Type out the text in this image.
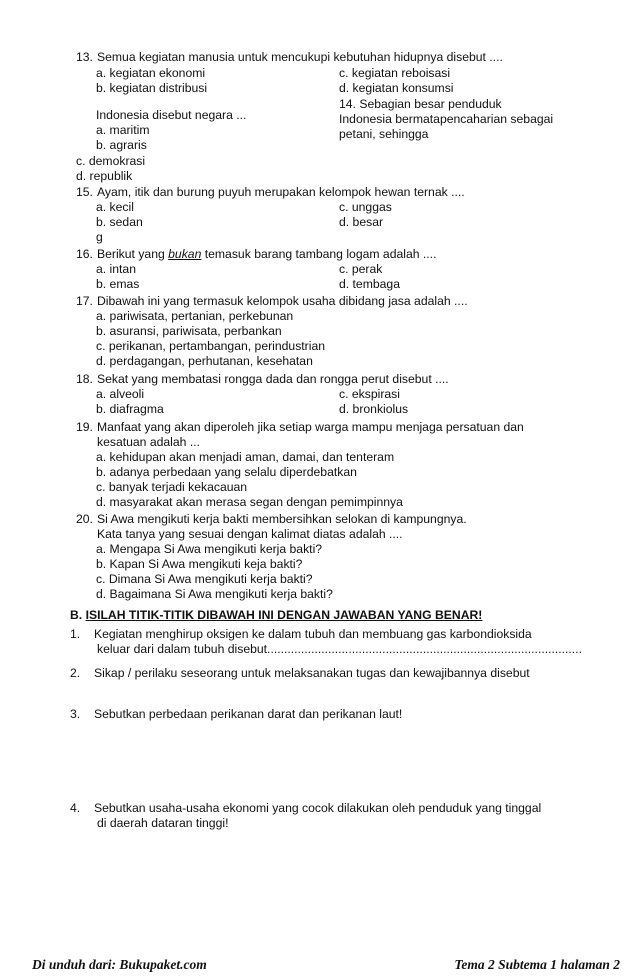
13. Semua kegiatan manusia untuk mencukupi kebutuhan hidupnya disebut ....
a. kegiatan ekonomi
b. kegiatan distribusi
c. kegiatan reboisasi
d. kegiatan konsumsi
Indonesia disebut negara ...
a. maritim
b. agraris
c. demokrasi
d. republik
14. Sebagian besar penduduk
Indonesia bermatapencaharian sebagai
petani, sehingga
15. Ayam, itik dan burung puyuh merupakan kelompok hewan ternak ....
a. kecil
b. sedan
g
c. unggas
d. besar
16. Berikut yang bukan temasuk barang tambang logam adalah ....
a. intan
b. emas
c. perak
d. tembaga
17. Dibawah ini yang termasuk kelompok usaha dibidang jasa adalah ....
a. pariwisata, pertanian, perkebunan
b. asuransi, pariwisata, perbankan
c. perikanan, pertambangan, perindustrian
d. perdagangan, perhutanan, kesehatan
18. Sekat yang membatasi rongga dada dan rongga perut disebut ....
a. alveoli
b. diafragma
c. ekspirasi
d. bronkiolus
19. Manfaat yang akan diperoleh jika setiap warga mampu menjaga persatuan dan
kesatuan adalah ...
a. kehidupan akan menjadi aman, damai, dan tenteram
b. adanya perbedaan yang selalu diperdebatkan
c. banyak terjadi kekacauan
d. masyarakat akan merasa segan dengan pemimpinnya
20. Si Awa mengikuti kerja bakti membersihkan selokan di kampungnya.
Kata tanya yang sesuai dengan kalimat diatas adalah ....
a. Mengapa Si Awa mengikuti kerja bakti?
b. Kapan Si Awa mengikuti keja bakti?
c. Dimana Si Awa mengikuti kerja bakti?
d. Bagaimana Si Awa mengikuti kerja bakti?
B. ISILAH TITIK-TITIK DIBAWAH INI DENGAN JAWABAN YANG BENAR!
1. Kegiatan menghirup oksigen ke dalam tubuh dan membuang gas karbondioksida
keluar dari dalam tubuh disebut.............................................................................................
2. Sikap / perilaku seseorang untuk melaksanakan tugas dan kewajibannya disebut
3. Sebutkan perbedaan perikanan darat dan perikanan laut!
4. Sebutkan usaha-usaha ekonomi yang cocok dilakukan oleh penduduk yang tinggal
di daerah dataran tinggi!
Di unduh dari: Bukupaket.com	Tema 2 Subtema 1 halaman 2
